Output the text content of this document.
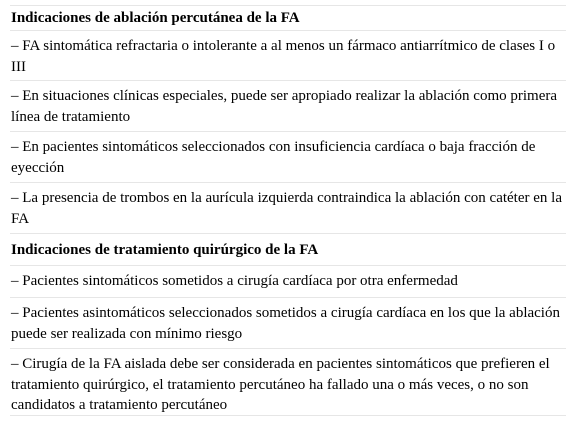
Indicaciones de ablación percutánea de la FA
– FA sintomática refractaria o intolerante a al menos un fármaco antiarrítmico de clases I o III
– En situaciones clínicas especiales, puede ser apropiado realizar la ablación como primera línea de tratamiento
– En pacientes sintomáticos seleccionados con insuficiencia cardíaca o baja fracción de eyección
– La presencia de trombos en la aurícula izquierda contraindica la ablación con catéter en la FA
Indicaciones de tratamiento quirúrgico de la FA
– Pacientes sintomáticos sometidos a cirugía cardíaca por otra enfermedad
– Pacientes asintomáticos seleccionados sometidos a cirugía cardíaca en los que la ablación puede ser realizada con mínimo riesgo
– Cirugía de la FA aislada debe ser considerada en pacientes sintomáticos que prefieren el tratamiento quirúrgico, el tratamiento percutáneo ha fallado una o más veces, o no son candidatos a tratamiento percutáneo
